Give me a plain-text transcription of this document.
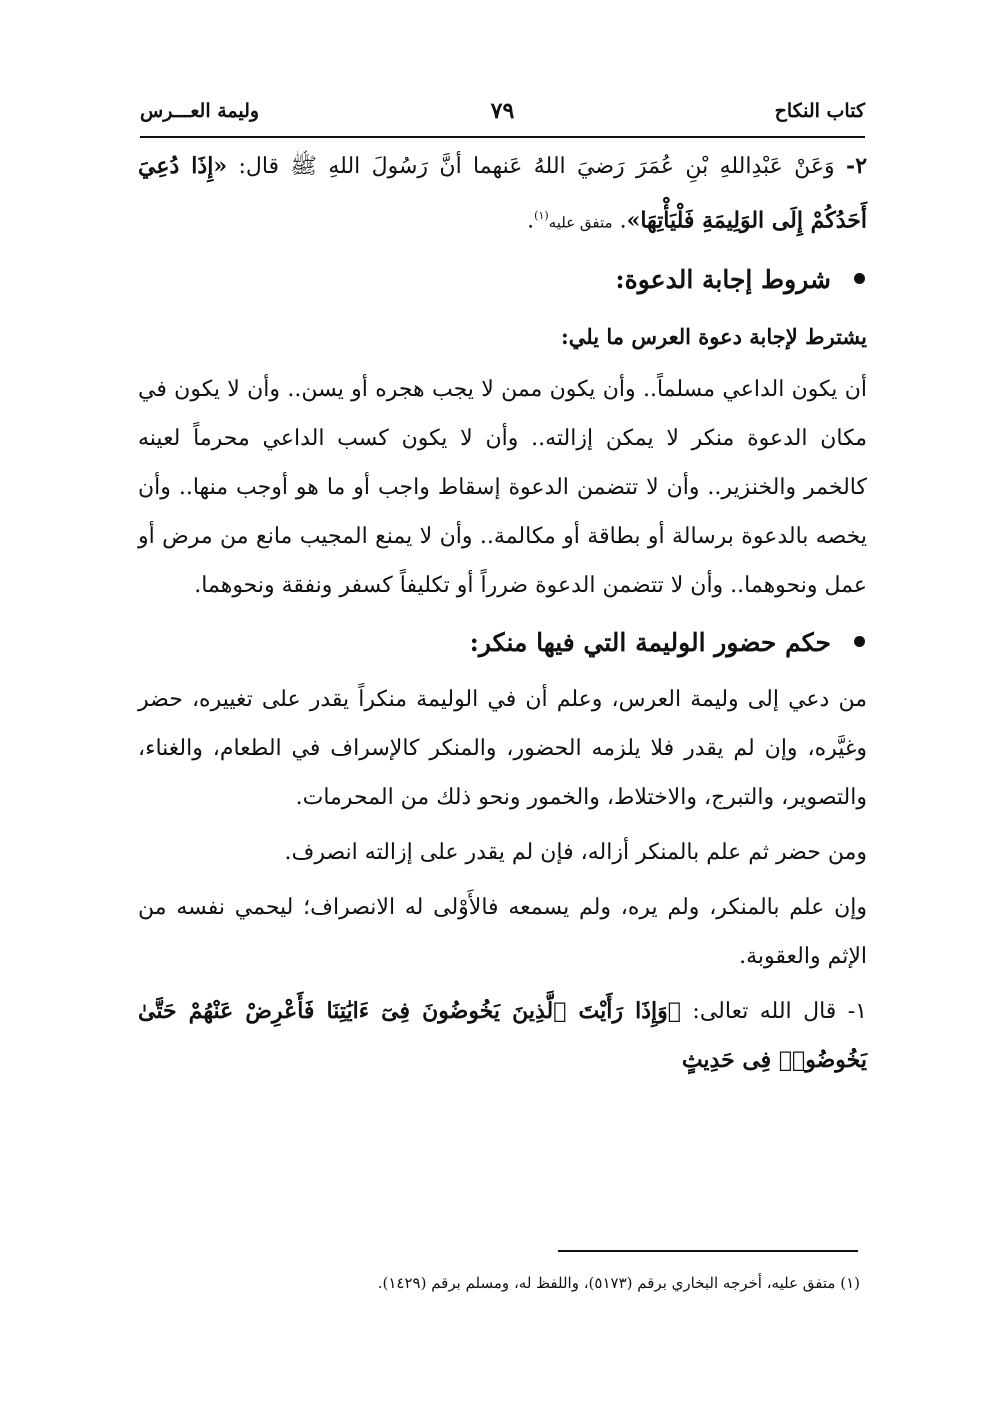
كتاب النكاح
٧٩
وليمة العـــرس

٢- وَعَنْ عَبْدِاللهِ بْنِ عُمَرَ رَضيَ اللهُ عَنهما أنَّ رَسُولَ اللهِ ﷺ قال: «إِذَا دُعِيَ أَحَدُكُمْ إِلَى الوَلِيمَةِ فَلْيَأْتِهَا». متفق عليه$^{(١)}$.

شروط إجابة الدعوة:

يشترط لإجابة دعوة العرس ما يلي:

أن يكون الداعي مسلماً.. وأن يكون ممن لا يجب هجره أو يسن.. وأن لا يكون في مكان الدعوة منكر لا يمكن إزالته.. وأن لا يكون كسب الداعي محرماً لعينه كالخمر والخنزير.. وأن لا تتضمن الدعوة إسقاط واجب أو ما هو أوجب منها.. وأن يخصه بالدعوة برسالة أو بطاقة أو مكالمة.. وأن لا يمنع المجيب مانع من مرض أو عمل ونحوهما.. وأن لا تتضمن الدعوة ضرراً أو تكليفاً كسفر ونفقة ونحوهما.

حكم حضور الوليمة التي فيها منكر:

من دعي إلى وليمة العرس، وعلم أن في الوليمة منكراً يقدر على تغييره، حضر وغيَّره، وإن لم يقدر فلا يلزمه الحضور، والمنكر كالإسراف في الطعام، والغناء، والتصوير، والتبرج، والاختلاط، والخمور ونحو ذلك من المحرمات.

ومن حضر ثم علم بالمنكر أزاله، فإن لم يقدر على إزالته انصرف.

وإن علم بالمنكر، ولم يره، ولم يسمعه فالأَوْلى له الانصراف؛ ليحمي نفسه من الإثم والعقوبة.

١- قال الله تعالى: ﴿وَإِذَا رَأَيْتَ ٱلَّذِينَ يَخُوضُونَ فِىٓ ءَايَٰتِنَا فَأَعْرِضْ عَنْهُمْ حَتَّىٰ يَخُوضُوا۟ فِى حَدِيثٍ

(١) متفق عليه، أخرجه البخاري برقم (٥١٧٣)، واللفظ له، ومسلم برقم (١٤٢٩).
